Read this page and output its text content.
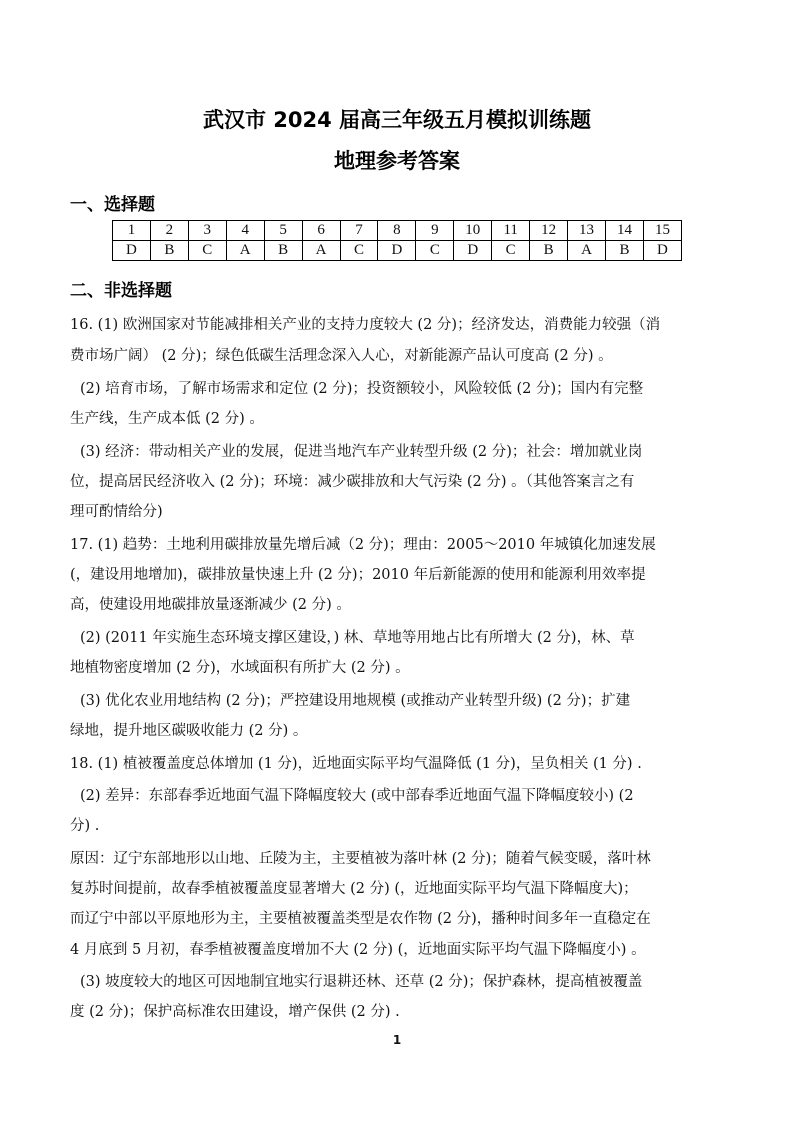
武汉市 2024 届高三年级五月模拟训练题
地理参考答案
一、选择题
1	2	3	4	5	6	7	8	9	10	11	12	13	14	15
D	B	C	A	B	A	C	D	C	D	C	B	A	B	D
二、非选择题
16. (1) 欧洲国家对节能减排相关产业的支持力度较大 (2 分)；经济发达，消费能力较强（消
费市场广阔） (2 分)；绿色低碳生活理念深入人心，对新能源产品认可度高 (2 分) 。
(2) 培育市场，了解市场需求和定位 (2 分)；投资额较小，风险较低 (2 分)；国内有完整
生产线，生产成本低 (2 分) 。
(3) 经济：带动相关产业的发展，促进当地汽车产业转型升级 (2 分)；社会：增加就业岗
位，提高居民经济收入 (2 分)；环境：减少碳排放和大气污染 (2 分) 。（其他答案言之有
理可酌情给分)
17. (1) 趋势：土地利用碳排放量先增后减（2 分)；理由：2005～2010 年城镇化加速发展
(，建设用地增加)，碳排放量快速上升 (2 分)；2010 年后新能源的使用和能源利用效率提
高，使建设用地碳排放量逐渐减少 (2 分) 。
(2) (2011 年实施生态环境支撑区建设，) 林、草地等用地占比有所增大 (2 分)，林、草
地植物密度增加 (2 分)，水域面积有所扩大 (2 分) 。
(3) 优化农业用地结构 (2 分)；严控建设用地规模 (或推动产业转型升级) (2 分)；扩建
绿地，提升地区碳吸收能力 (2 分) 。
18. (1) 植被覆盖度总体增加 (1 分)，近地面实际平均气温降低 (1 分)，呈负相关 (1 分) .
(2) 差异：东部春季近地面气温下降幅度较大 (或中部春季近地面气温下降幅度较小) (2
分) .
原因：辽宁东部地形以山地、丘陵为主，主要植被为落叶林 (2 分)；随着气候变暖，落叶林
复苏时间提前，故春季植被覆盖度显著增大 (2 分) (，近地面实际平均气温下降幅度大)；
而辽宁中部以平原地形为主，主要植被覆盖类型是农作物 (2 分)，播种时间多年一直稳定在
4 月底到 5 月初，春季植被覆盖度增加不大 (2 分) (，近地面实际平均气温下降幅度小) 。
(3) 坡度较大的地区可因地制宜地实行退耕还林、还草 (2 分)；保护森林，提高植被覆盖
度 (2 分)；保护高标准农田建设，增产保供 (2 分) .
1
